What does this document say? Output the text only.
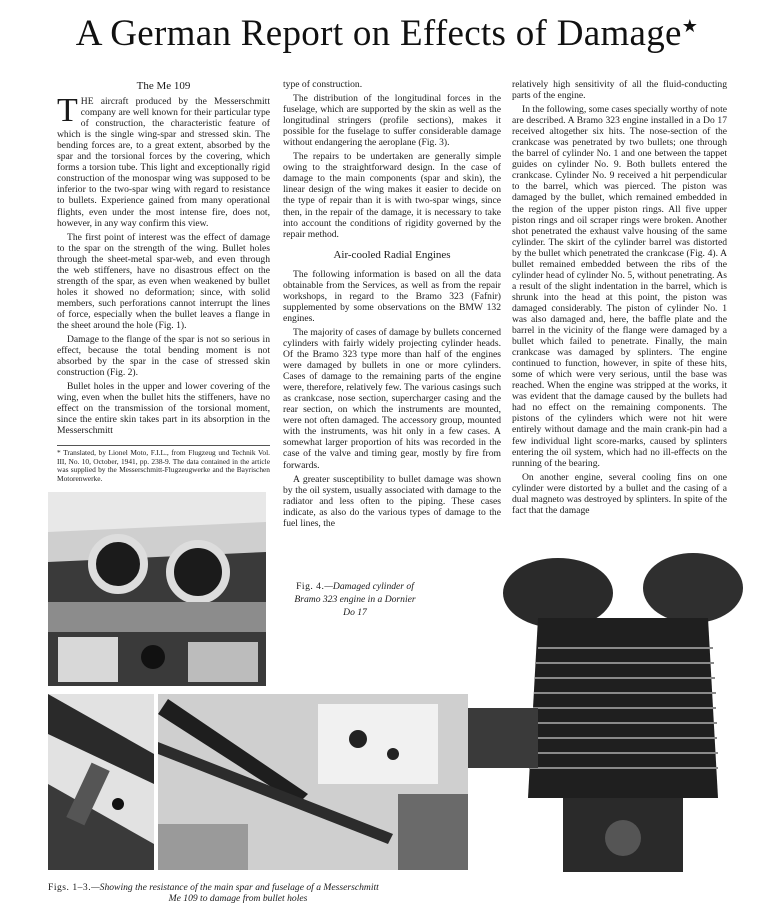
A German Report on Effects of Damage★
The Me 109

THE aircraft produced by the Messerschmitt company are well known for their particular type of construction, the characteristic feature of which is the single wing-spar and stressed skin. The bending forces are, to a great extent, absorbed by the spar and the torsional forces by the covering, which forms a torsion tube. This light and exceptionally rigid construction of the monospar wing was supposed to be inferior to the two-spar wing with regard to resistance to bullets. Experience gained from many operational flights, even under the most intense fire, does not, however, in any way confirm this view.

The first point of interest was the effect of damage to the spar on the strength of the wing. Bullet holes through the sheet-metal spar-web, and even through the web stiffeners, have no disastrous effect on the strength of the spar, as even when weakened by bullet holes it showed no deformation; since, with solid members, such perforations cannot interrupt the lines of force, especially when the bullet leaves a flange in the sheet around the hole (Fig. 1).

Damage to the flange of the spar is not so serious in effect, because the total bending moment is not absorbed by the spar in the case of stressed skin construction (Fig. 2).

Bullet holes in the upper and lower covering of the wing, even when the bullet hits the stiffeners, have no effect on the transmission of the torsional moment, since the entire skin takes part in its absorption in the Messerschmitt

* Translated, by Lionel Moto, F.I.L., from Flugzeug und Technik Vol. III, No. 10, October, 1941, pp. 238-9. The data contained in the article was supplied by the Messerschmitt-Flugzeugwerke and the Bayrischen Motorenwerke.

type of construction.

The distribution of the longitudinal forces in the fuselage, which are supported by the skin as well as the longitudinal stringers (profile sections), makes it possible for the fuselage to suffer considerable damage without endangering the aeroplane (Fig. 3).

The repairs to be undertaken are generally simple owing to the straightforward design. In the case of damage to the main components (spar and skin), the linear design of the wing makes it easier to decide on the type of repair than it is with two-spar wings, since then, in the repair of the damage, it is necessary to take into account the conditions of rigidity governed by the repair method.

Air-cooled Radial Engines

The following information is based on all the data obtainable from the Services, as well as from the repair workshops, in regard to the Bramo 323 (Fafnir) supplemented by some observations on the BMW 132 engines.

The majority of cases of damage by bullets concerned cylinders with fairly widely projecting cylinder heads. Of the Bramo 323 type more than half of the engines were damaged by bullets in one or more cylinders. Cases of damage to the remaining parts of the engine were, therefore, relatively few. The various casings such as crankcase, nose section, supercharger casing and the rear section, on which the instruments are mounted, were not often damaged. The accessory group, mounted with the instruments, was hit only in a few cases. A somewhat larger proportion of hits was recorded in the case of the valve and timing gear, mostly by fire from forwards.

A greater susceptibility to bullet damage was shown by the oil system, usually associated with damage to the radiator and less often to the piping. These cases indicate, as also do the various types of damage to the fuel lines, the

relatively high sensitivity of all the fluid-conducting parts of the engine.

In the following, some cases specially worthy of note are described. A Bramo 323 engine installed in a Do 17 received altogether six hits. The nose-section of the crankcase was penetrated by two bullets; one through the barrel of cylinder No. 1 and one between the tappet guides on cylinder No. 9. Both bullets entered the crankcase. Cylinder No. 9 received a hit perpendicular to the barrel, which was pierced. The piston was damaged by the bullet, which remained embedded in the region of the upper piston rings. All five upper piston rings and oil scraper rings were broken. Another shot penetrated the exhaust valve housing of the same cylinder. The skirt of the cylinder barrel was distorted by the bullet which penetrated the crankcase (Fig. 4). A bullet remained embedded between the ribs of the cylinder head of cylinder No. 5, without penetrating. As a result of the slight indentation in the barrel, which is shrunk into the head at this point, the piston was damaged considerably. The piston of cylinder No. 1 was also damaged and, here, the baffle plate and the barrel in the vicinity of the flange were damaged by a bullet which failed to penetrate. Finally, the main crankcase was damaged by splinters. The engine continued to function, however, in spite of these hits, some of which were very serious, until the base was reached. When the engine was stripped at the works, it was evident that the damage caused by the bullets had had no effect on the remaining components. The pistons of the cylinders which were not hit were entirely without damage and the main crank-pin had a few individual light score-marks, caused by splinters entering the oil system, which had no ill-effects on the running of the bearing.

On another engine, several cooling fins on one cylinder were distorted by a bullet and the casing of a dual magneto was destroyed by splinters. In spite of the fact that the damage

Fig. 4.—Damaged cylinder of Bramo 323 engine in a Dornier Do 17
Figs. 1–3.—Showing the resistance of the main spar and fuselage of a Messerschmitt
Me 109 to damage from bullet holes
